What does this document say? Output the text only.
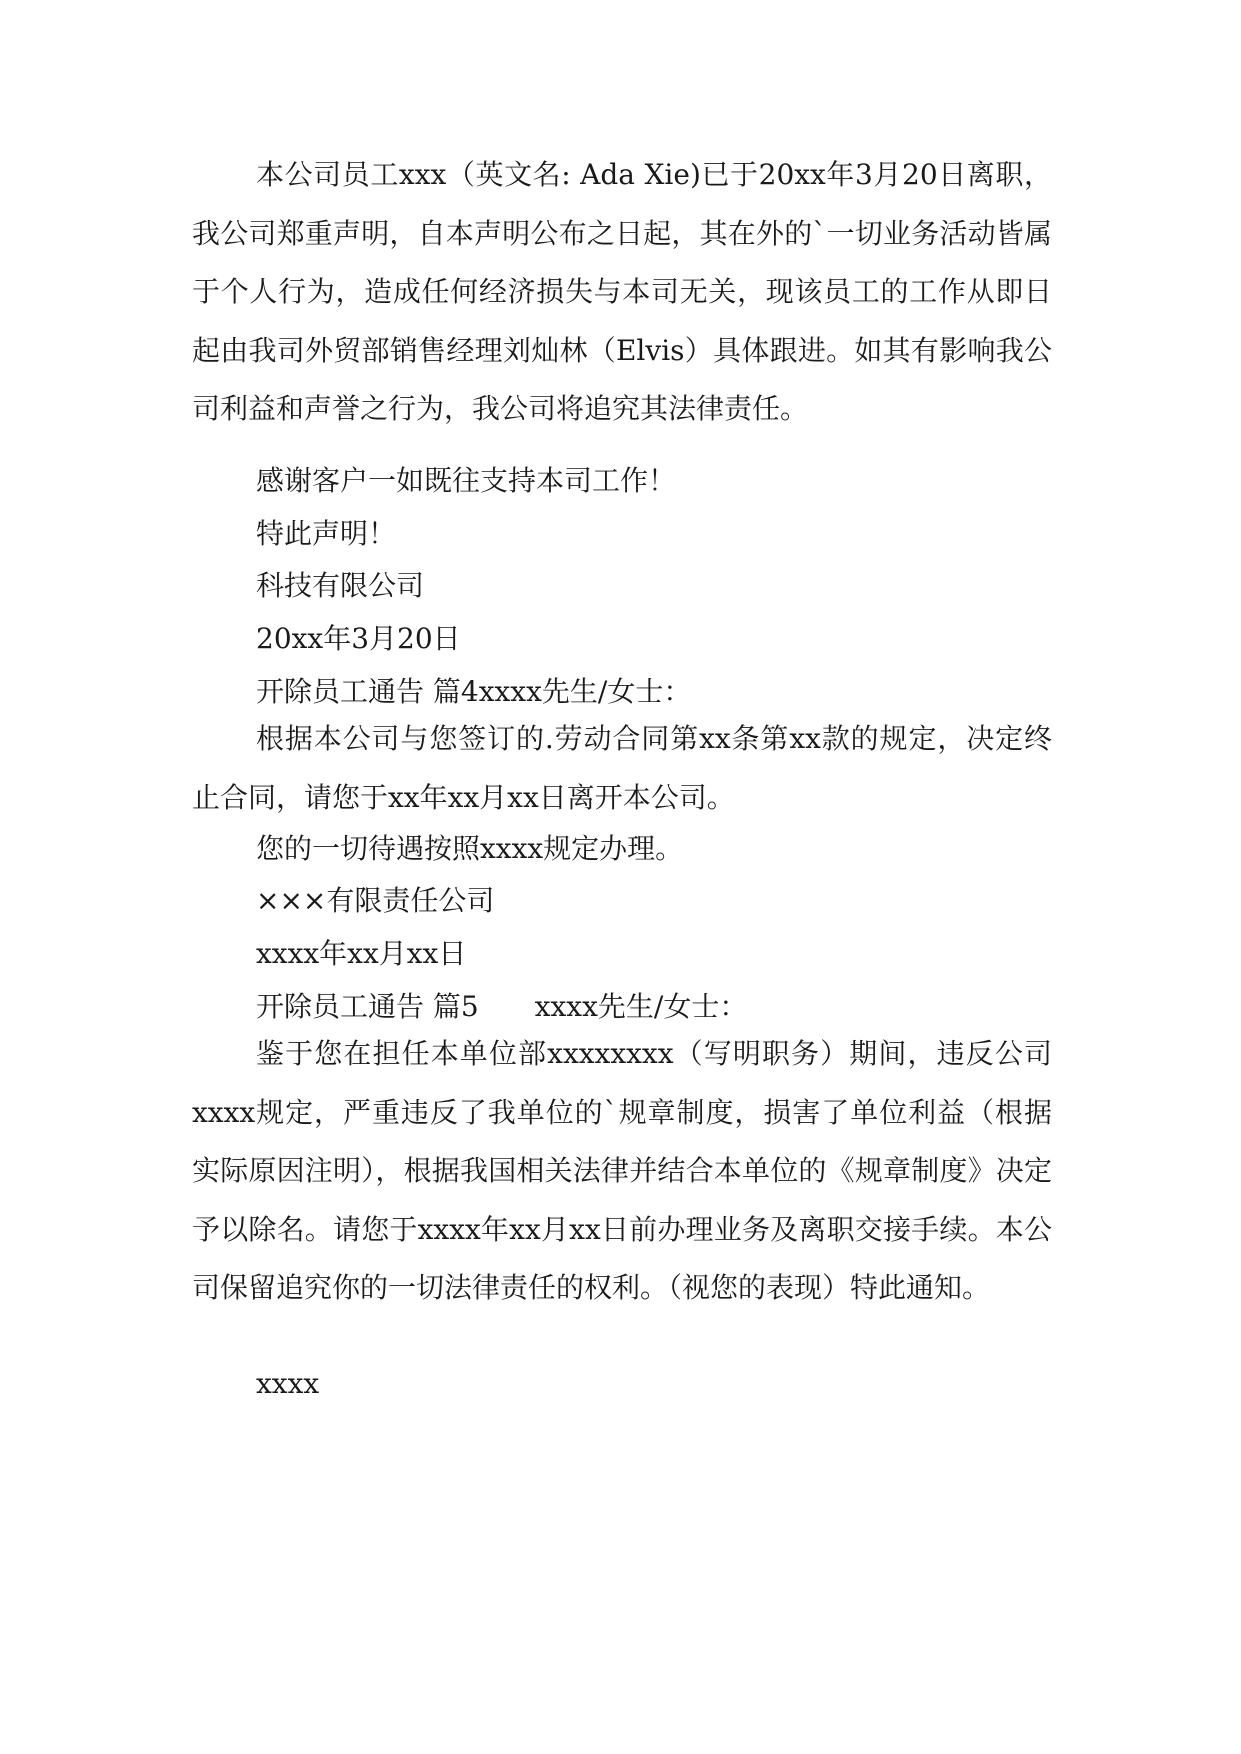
本公司员工xxx（英文名: Ada Xie)已于20xx年3月20日离职，我公司郑重声明，自本声明公布之日起，其在外的`一切业务活动皆属于个人行为，造成任何经济损失与本司无关，现该员工的工作从即日起由我司外贸部销售经理刘灿林（Elvis）具体跟进。如其有影响我公司利益和声誉之行为，我公司将追究其法律责任。

感谢客户一如既往支持本司工作！
特此声明！
科技有限公司
20xx年3月20日
开除员工通告 篇4xxxx先生/女士：

根据本公司与您签订的.劳动合同第xx条第xx款的规定，决定终止合同，请您于xx年xx月xx日离开本公司。

您的一切待遇按照xxxx规定办理。
×××有限责任公司
xxxx年xx月xx日
开除员工通告 篇5　　xxxx先生/女士：

鉴于您在担任本单位部xxxxxxxx（写明职务）期间，违反公司xxxx规定，严重违反了我单位的`规章制度，损害了单位利益（根据实际原因注明），根据我国相关法律并结合本单位的《规章制度》决定予以除名。请您于xxxx年xx月xx日前办理业务及离职交接手续。本公司保留追究你的一切法律责任的权利。（视您的表现）特此通知。

xxxx
